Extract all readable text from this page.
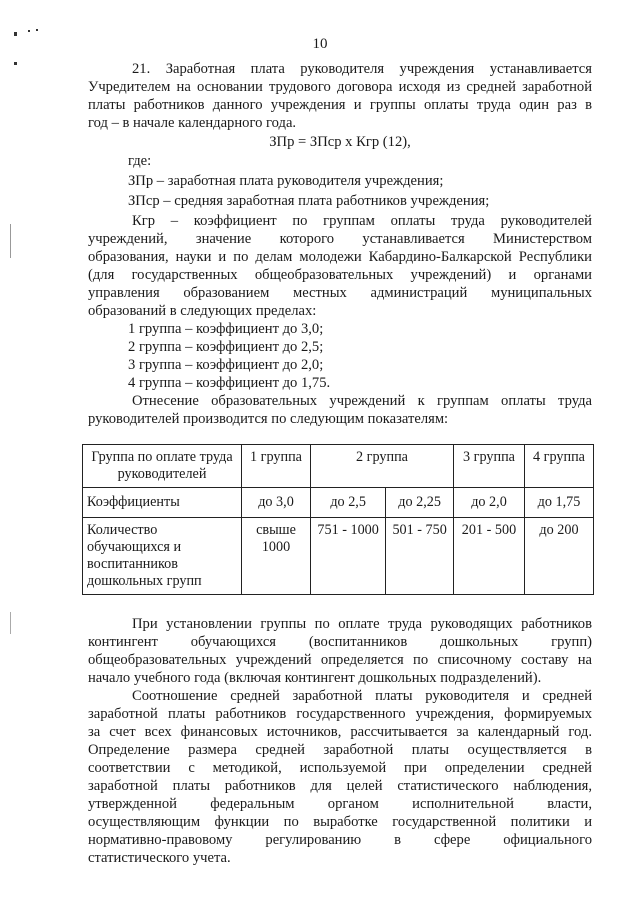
10

21. Заработная плата руководителя учреждения устанавливается

Учредителем на основании трудового договора исходя из средней заработной

платы работников данного учреждения и группы оплаты труда один раз в

год – в начале календарного года.

ЗПр = ЗПср х Кгр (12),

где:

ЗПр – заработная плата руководителя учреждения;

ЗПср – средняя заработная плата работников учреждения;

Кгр – коэффициент по группам оплаты труда руководителей

учреждений, значение которого устанавливается Министерством

образования, науки и по делам молодежи Кабардино-Балкарской Республики

(для государственных общеобразовательных учреждений) и органами

управления образованием местных администраций муниципальных

образований в следующих пределах:

1 группа – коэффициент до 3,0;

2 группа – коэффициент до 2,5;

3 группа – коэффициент до 2,0;

4 группа – коэффициент до 1,75.

Отнесение образовательных учреждений к группам оплаты труда

руководителей производится по следующим показателям:

Группа по оплате труда руководителей	1 группа	2 группа		3 группа	4 группа
Коэффициенты	до 3,0	до 2,5	до 2,25	до 2,0	до 1,75
Количество обучающихся и воспитанников дошкольных групп	свыше 1000	751 - 1000	501 - 750	201 - 500	до 200

При установлении группы по оплате труда руководящих работников

контингент обучающихся (воспитанников дошкольных групп)

общеобразовательных учреждений определяется по списочному составу на

начало учебного года (включая контингент дошкольных подразделений).

Соотношение средней заработной платы руководителя и средней

заработной платы работников государственного учреждения, формируемых

за счет всех финансовых источников, рассчитывается за календарный год.

Определение размера средней заработной платы осуществляется в

соответствии с методикой, используемой при определении средней

заработной платы работников для целей статистического наблюдения,

утвержденной федеральным органом исполнительной власти,

осуществляющим функции по выработке государственной политики и

нормативно-правовому регулированию в сфере официального

статистического учета.
